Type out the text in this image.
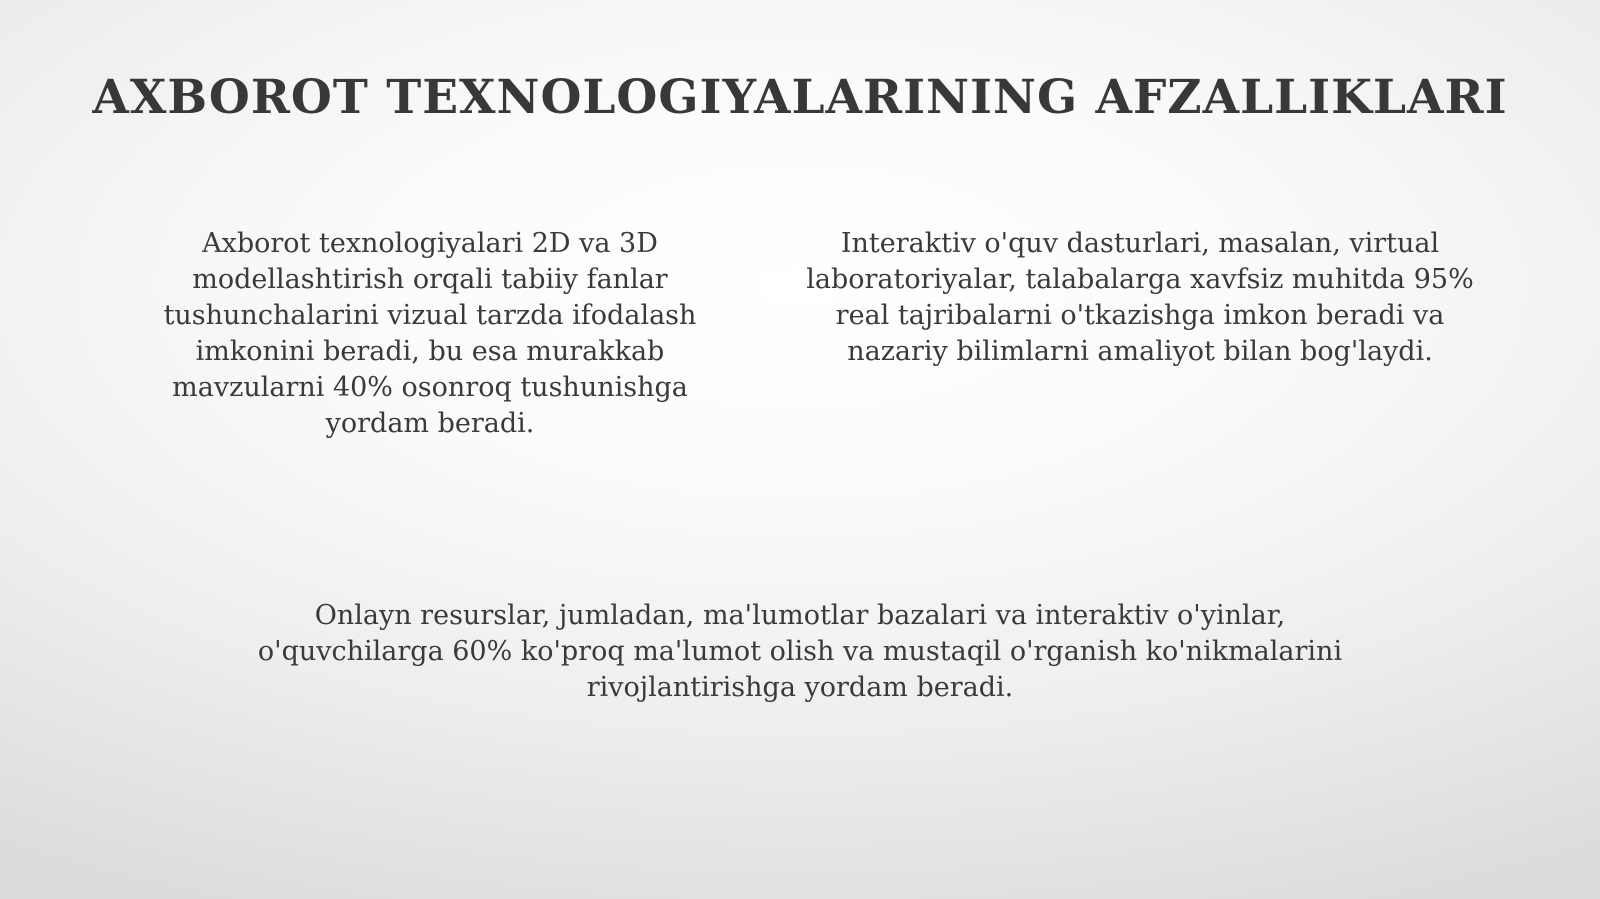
AXBOROT TEXNOLOGIYALARINING AFZALLIKLARI

Axborot texnologiyalari 2D va 3D modellashtirish orqali tabiiy fanlar tushunchalarini vizual tarzda ifodalash imkonini beradi, bu esa murakkab mavzularni 40% osonroq tushunishga yordam beradi.

Interaktiv o'quv dasturlari, masalan, virtual laboratoriyalar, talabalarga xavfsiz muhitda 95% real tajribalarni o'tkazishga imkon beradi va nazariy bilimlarni amaliyot bilan bog'laydi.

Onlayn resurslar, jumladan, ma'lumotlar bazalari va interaktiv o'yinlar, o'quvchilarga 60% ko'proq ma'lumot olish va mustaqil o'rganish ko'nikmalarini rivojlantirishga yordam beradi.
